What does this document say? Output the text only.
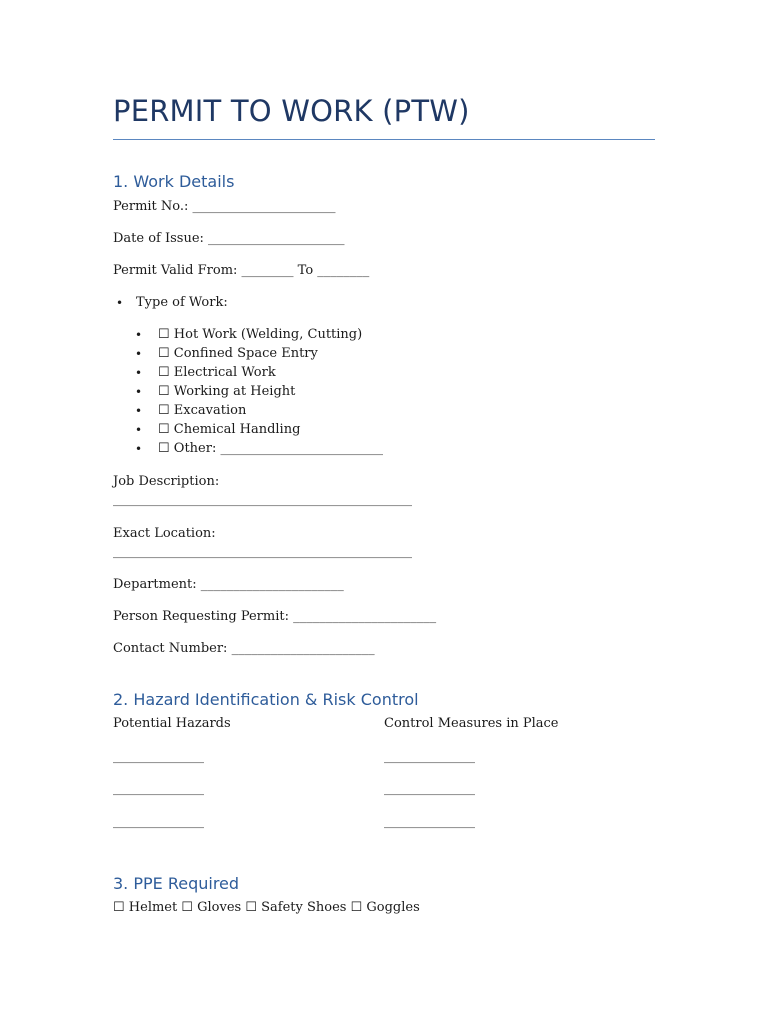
PERMIT TO WORK (PTW)
1. Work Details

Permit No.: ______________________

Date of Issue: _____________________

Permit Valid From: ________ To ________

• Type of Work:
• ☐ Hot Work (Welding, Cutting)
• ☐ Confined Space Entry
• ☐ Electrical Work
• ☐ Working at Height
• ☐ Excavation
• ☐ Chemical Handling
• ☐ Other: _________________________

Job Description:

______________________________________________

Exact Location:

______________________________________________

Department: ______________________

Person Requesting Permit: ______________________

Contact Number: ______________________

2. Hazard Identification & Risk Control
Potential Hazards	Control Measures in Place
______________	______________
______________	______________
______________	______________
3. PPE Required

☐ Helmet ☐ Gloves ☐ Safety Shoes ☐ Goggles
